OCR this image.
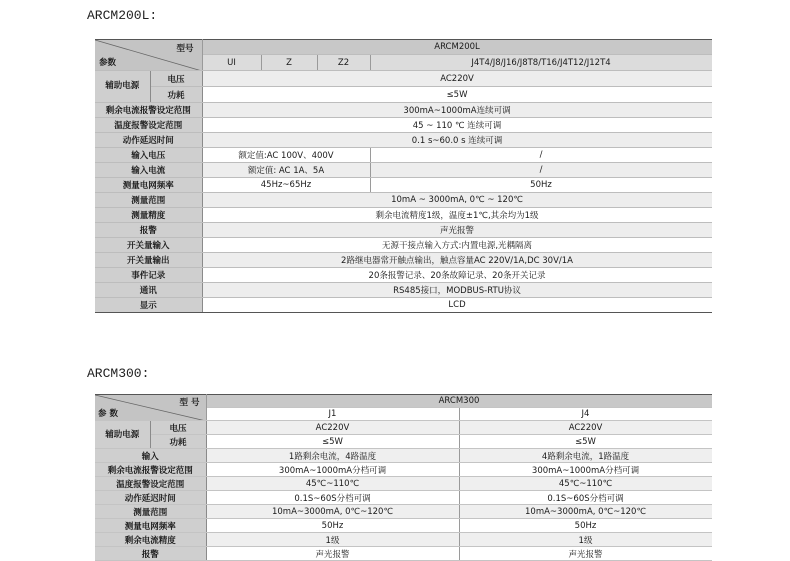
ARCM200L:
型号
参数		ARCM200L			
		UI	Z	Z2	J4T4/J8/J16/J8T8/T16/J4T12/J12T4
辅助电源	电压	AC220V			
	功耗	≤5W			
剩余电流报警设定范围		300mA~1000mA连续可调			
温度报警设定范围		45 ~ 110 ℃ 连续可调			
动作延迟时间		0.1 s~60.0 s 连续可调			
输入电压		额定值:AC 100V、400V			/
输入电流		额定值: AC 1A、5A			/
测量电网频率		45Hz~65Hz			50Hz
测量范围		10mA ~ 3000mA, 0℃ ~ 120℃			
测量精度		剩余电流精度1级，温度±1℃,其余均为1级			
报警		声光报警			
开关量输入		无源干接点输入方式:内置电源,光耦隔离			
开关量输出		2路继电器常开触点输出，触点容量AC 220V/1A,DC 30V/1A			
事件记录		20条报警记录、20条故障记录、20条开关记录			
通讯		RS485接口，MODBUS-RTU协议			
显示		LCD			
ARCM300:
型 号
参 数		ARCM300	
		J1	J4
辅助电源	电压	AC220V	AC220V
	功耗	≤5W	≤5W
输入		1路剩余电流，4路温度	4路剩余电流，1路温度
剩余电流报警设定范围		300mA~1000mA分档可调	300mA~1000mA分档可调
温度报警设定范围		45℃~110℃	45℃~110℃
动作延迟时间		0.1S~60S分档可调	0.1S~60S分档可调
测量范围		10mA~3000mA, 0℃~120℃	10mA~3000mA, 0℃~120℃
测量电网频率		50Hz	50Hz
剩余电流精度		1级	1级
报警		声光报警	声光报警
